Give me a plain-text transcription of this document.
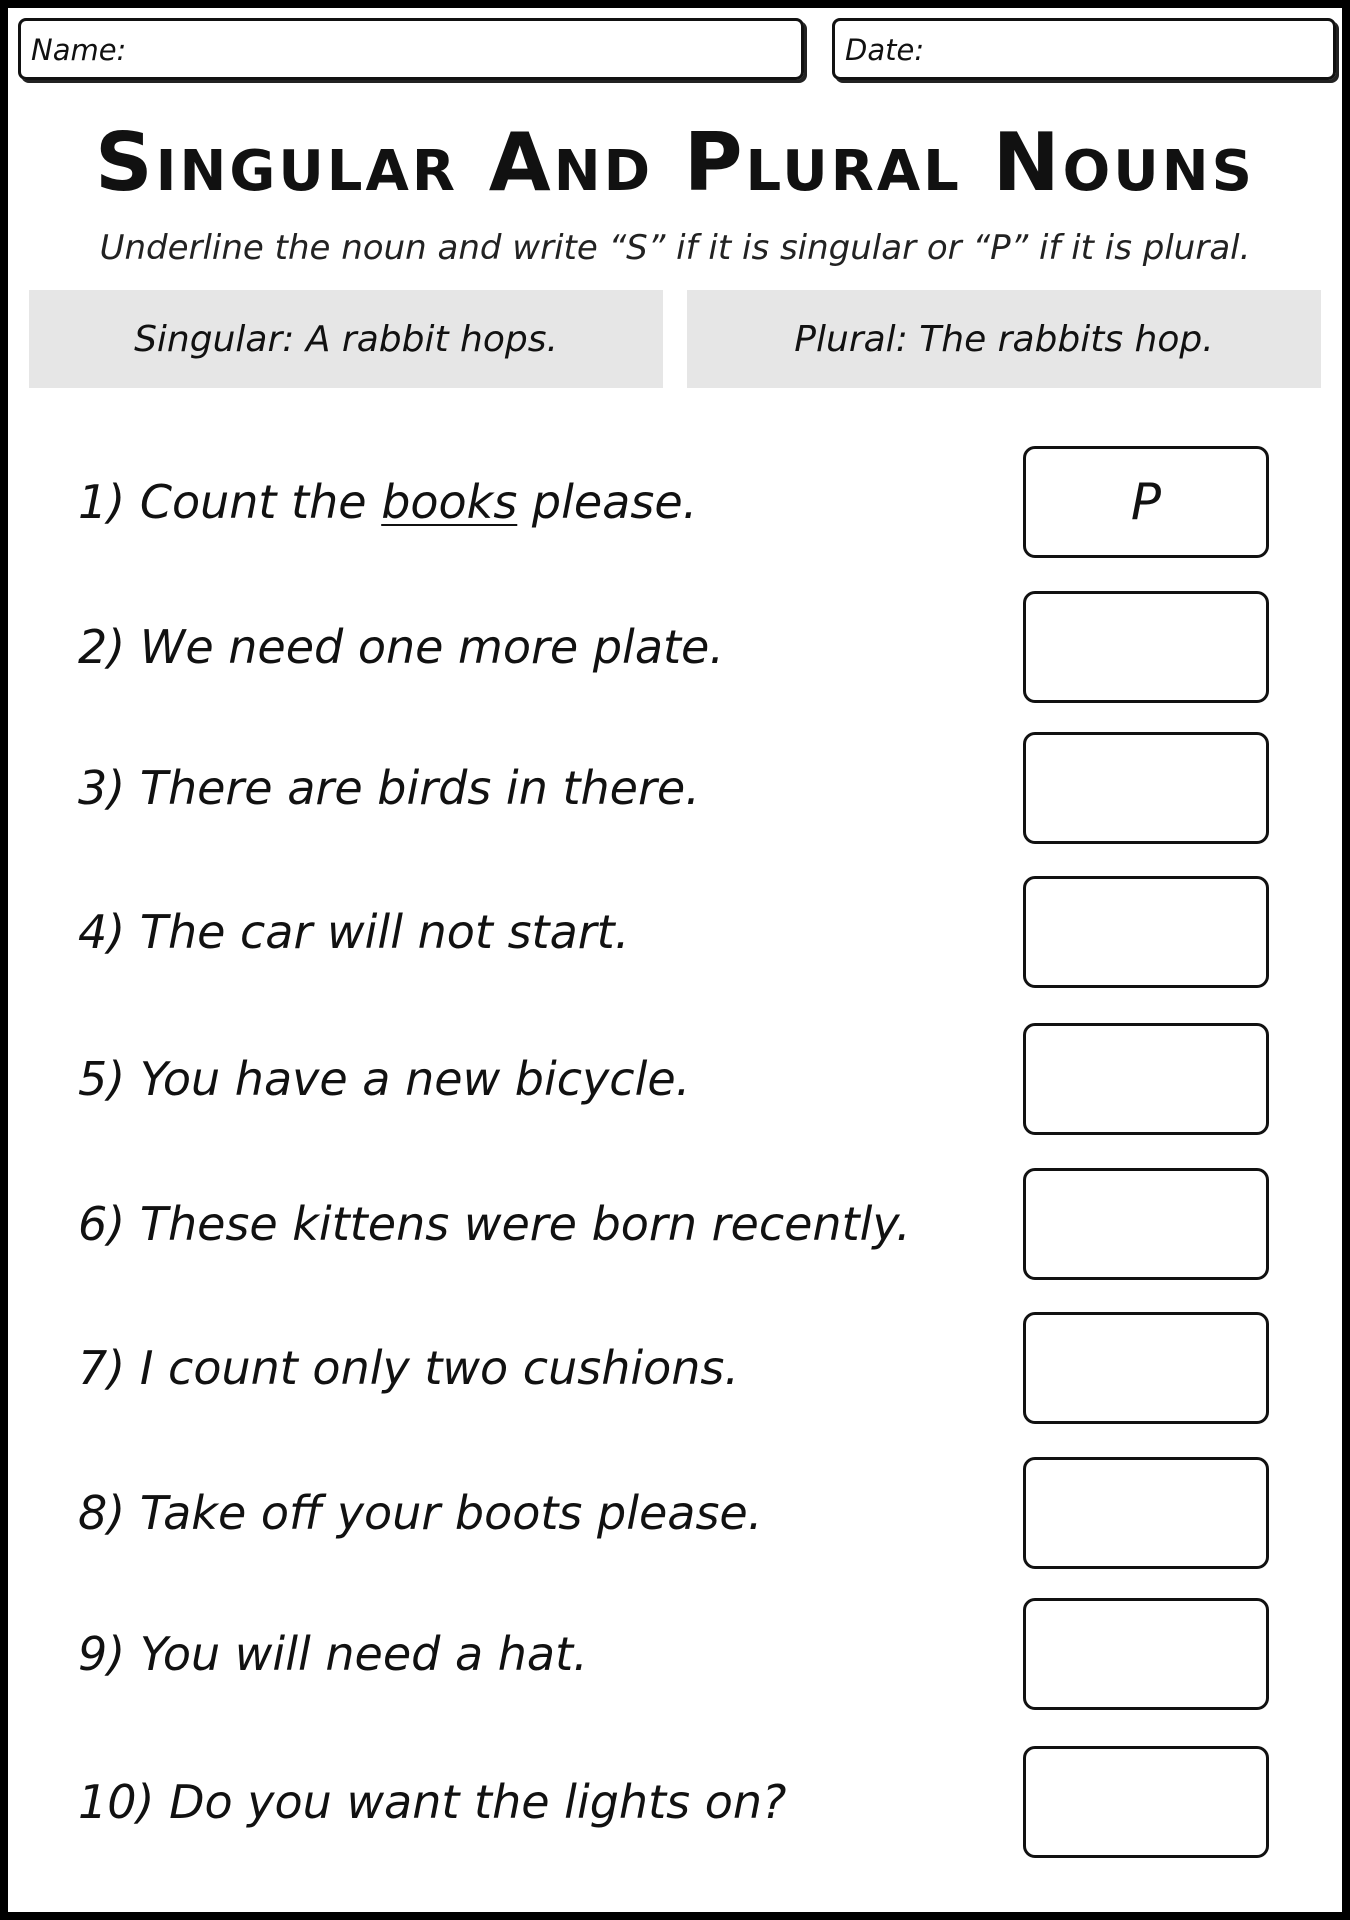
Name:	Date:
Singular And Plural Nouns
Underline the noun and write “S” if it is singular or “P” if it is plural.
Singular: A rabbit hops.	Plural: The rabbits hop.
1) Count the books please.	P
2) We need one more plate.
3) There are birds in there.
4) The car will not start.
5) You have a new bicycle.
6) These kittens were born recently.
7) I count only two cushions.
8) Take off your boots please.
9) You will need a hat.
10) Do you want the lights on?
